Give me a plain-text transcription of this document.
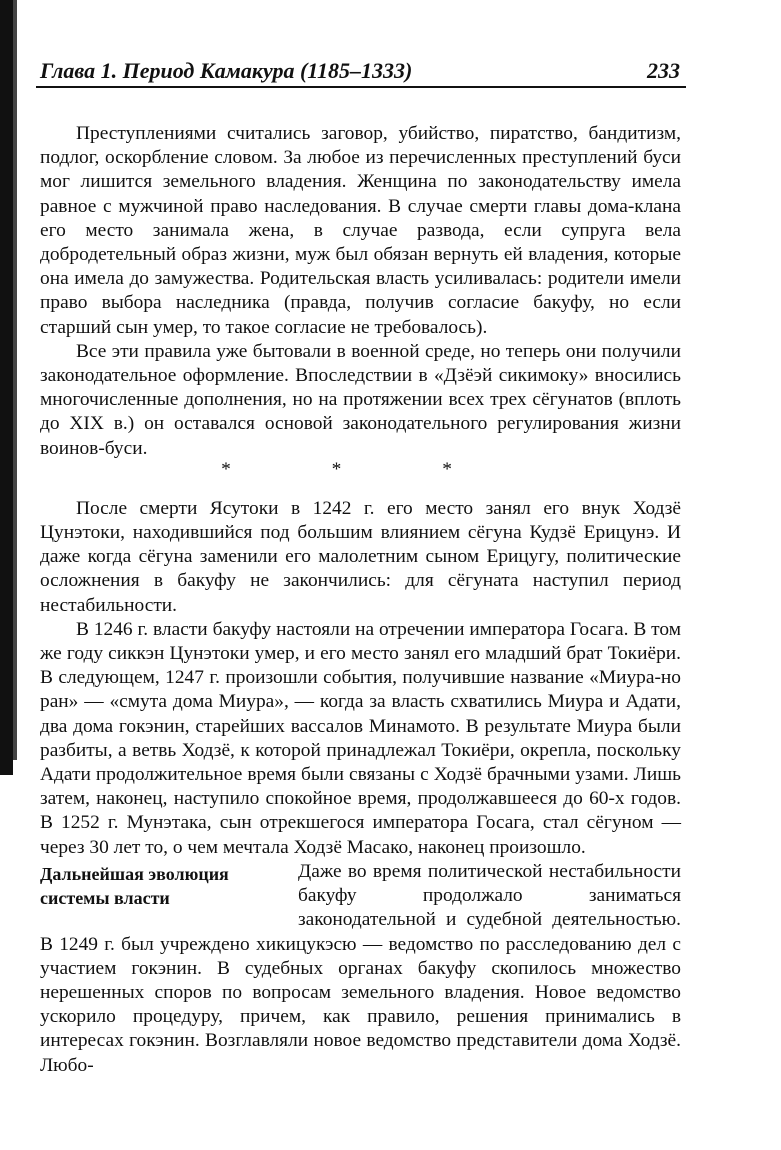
Глава 1. Период Камакура (1185–1333)	233

Преступлениями считались заговор, убийство, пиратство, бандитизм, подлог, оскорбление словом. За любое из перечисленных преступлений буси мог лишится земельного владения. Женщина по законодательству имела равное с мужчиной право наследования. В случае смерти главы дома-клана его место занимала жена, в случае развода, если супруга вела добродетельный образ жизни, муж был обязан вернуть ей владения, которые она имела до замужества. Родительская власть усиливалась: родители имели право выбора наследника (правда, получив согласие бакуфу, но если старший сын умер, то такое согласие не требовалось).

Все эти правила уже бытовали в военной среде, но теперь они получили законодательное оформление. Впоследствии в «Дзёэй сикимоку» вносились многочисленные дополнения, но на протяжении всех трех сёгунатов (вплоть до XIX в.) он оставался основой законодательного регулирования жизни воинов-буси.

* * *

После смерти Ясутоки в 1242 г. его место занял его внук Ходзё Цунэтоки, находившийся под большим влиянием сёгуна Кудзё Ерицунэ. И даже когда сёгуна заменили его малолетним сыном Ерицугу, политические осложнения в бакуфу не закончились: для сёгуната наступил период нестабильности.

В 1246 г. власти бакуфу настояли на отречении императора Госага. В том же году сиккэн Цунэтоки умер, и его место занял его младший брат Токиёри. В следующем, 1247 г. произошли события, получившие название «Миура-но ран» — «смута дома Миура», — когда за власть схватились Миура и Адати, два дома гокэнин, старейших вассалов Минамото. В результате Миура были разбиты, а ветвь Ходзё, к которой принадлежал Токиёри, окрепла, поскольку Адати продолжительное время были связаны с Ходзё брачными узами. Лишь затем, наконец, наступило спокойное время, продолжавшееся до 60-х годов. В 1252 г. Мунэтака, сын отрекшегося императора Госага, стал сёгуном — через 30 лет то, о чем мечтала Ходзё Масако, наконец произошло.

Дальнейшая эволюция системы власти

Даже во время политической нестабильности бакуфу продолжало заниматься законодательной и судебной деятельностью. В 1249 г. был учреждено хикицукэсю — ведомство по расследованию дел с участием гокэнин. В судебных органах бакуфу скопилось множество нерешенных споров по вопросам земельного владения. Новое ведомство ускорило процедуру, причем, как правило, решения принимались в интересах гокэнин. Возглавляли новое ведомство представители дома Ходзё. Любо-
